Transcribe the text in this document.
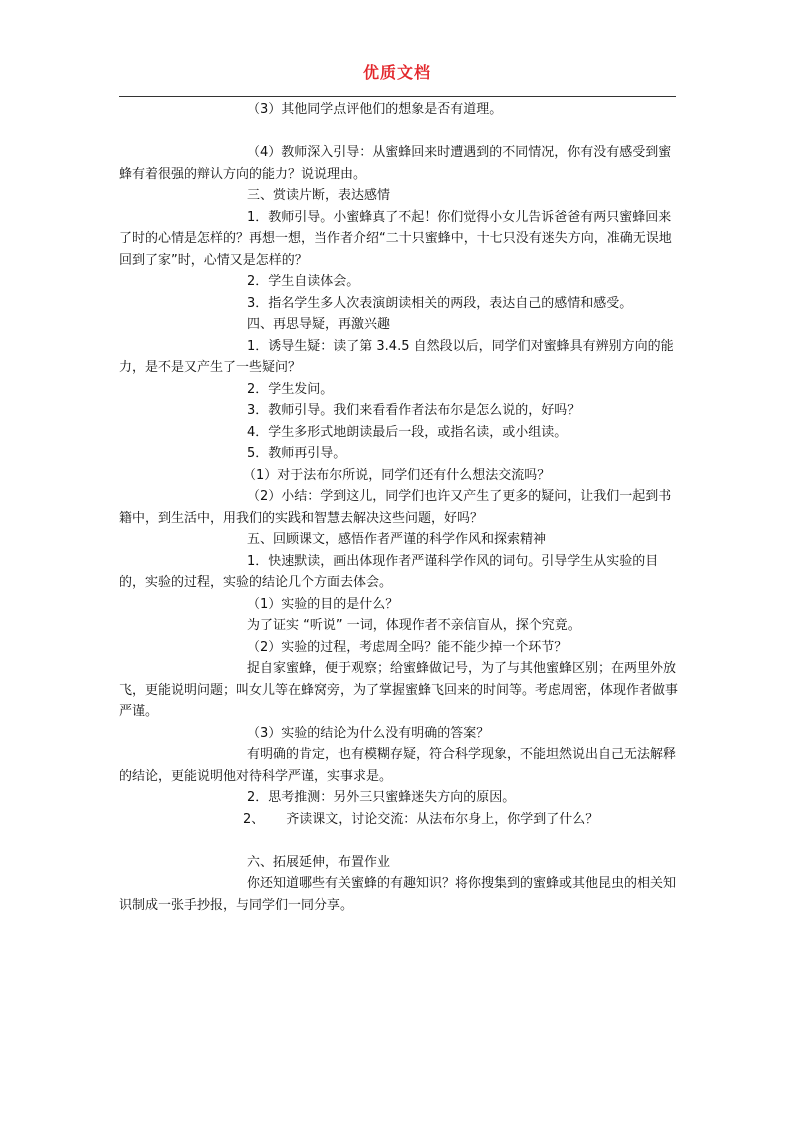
优质文档

（3）其他同学点评他们的想象是否有道理。

（4）教师深入引导：从蜜蜂回来时遭遇到的不同情况，你有没有感受到蜜蜂有着很强的辩认方向的能力？说说理由。

三、赏读片断，表达感情

1．教师引导。小蜜蜂真了不起！你们觉得小女儿告诉爸爸有两只蜜蜂回来了时的心情是怎样的？再想一想，当作者介绍“二十只蜜蜂中，十七只没有迷失方向，准确无误地回到了家”时，心情又是怎样的？

2．学生自读体会。

3．指名学生多人次表演朗读相关的两段，表达自己的感情和感受。

四、再思导疑，再激兴趣

1．诱导生疑：读了第 3.4.5 自然段以后，同学们对蜜蜂具有辨别方向的能力，是不是又产生了一些疑问？

2．学生发问。

3．教师引导。我们来看看作者法布尔是怎么说的，好吗？

4．学生多形式地朗读最后一段，或指名读，或小组读。

5．教师再引导。

（1）对于法布尔所说，同学们还有什么想法交流吗？

（2）小结：学到这儿，同学们也许又产生了更多的疑问，让我们一起到书籍中，到生活中，用我们的实践和智慧去解决这些问题，好吗？

五、回顾课文，感悟作者严谨的科学作风和探索精神

1．快速默读，画出体现作者严谨科学作风的词句。引导学生从实验的目的，实验的过程，实验的结论几个方面去体会。

（1）实验的目的是什么？

为了证实 “听说” 一词，体现作者不亲信盲从，探个究竟。

（2）实验的过程，考虑周全吗？能不能少掉一个环节？

捉自家蜜蜂，便于观察；给蜜蜂做记号，为了与其他蜜蜂区别；在两里外放飞，更能说明问题；叫女儿等在蜂窝旁，为了掌握蜜蜂飞回来的时间等。考虑周密，体现作者做事严谨。

（3）实验的结论为什么没有明确的答案？

有明确的肯定，也有模糊存疑，符合科学现象，不能坦然说出自己无法解释的结论，更能说明他对待科学严谨，实事求是。

2．思考推测：另外三只蜜蜂迷失方向的原因。

2、 齐读课文，讨论交流：从法布尔身上，你学到了什么？

六、拓展延伸，布置作业

你还知道哪些有关蜜蜂的有趣知识？将你搜集到的蜜蜂或其他昆虫的相关知识制成一张手抄报，与同学们一同分享。
